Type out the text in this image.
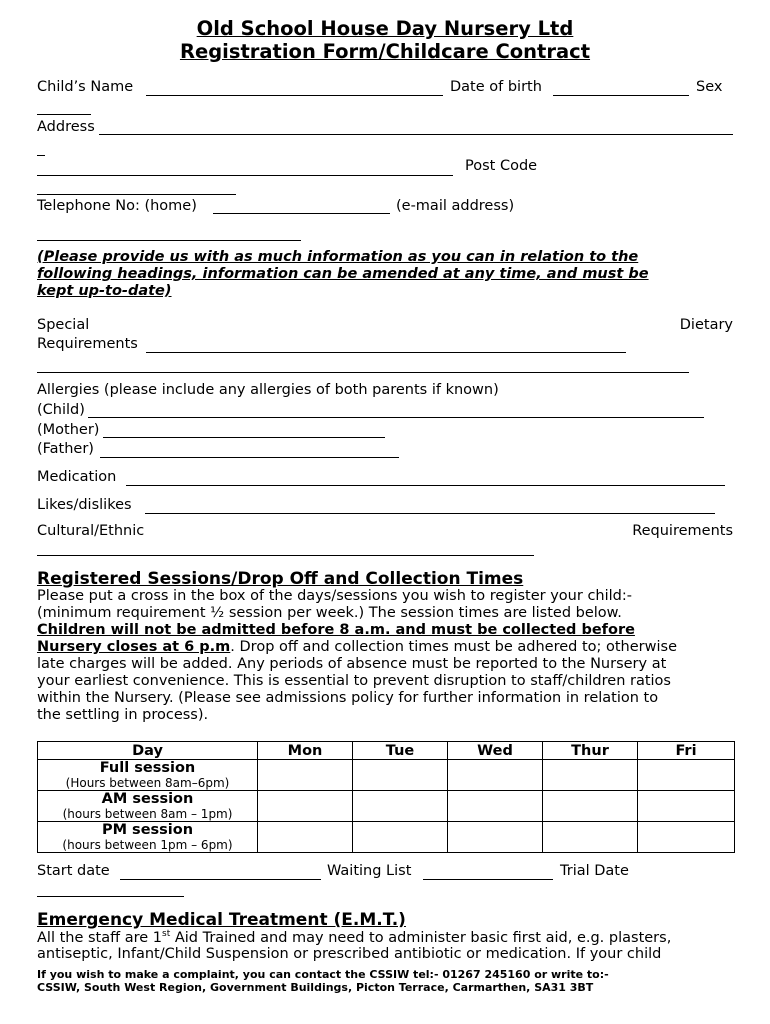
Old School House Day Nursery Ltd
Registration Form/Childcare Contract
Child’s Name	Date of birth	Sex
Address
Post Code
Telephone No: (home)	(e-mail address)
(Please provide us with as much information as you can in relation to the
following headings, information can be amended at any time, and must be
kept up-to-date)
Special	Dietary
Requirements
Allergies (please include any allergies of both parents if known)
(Child)
(Mother)
(Father)
Medication
Likes/dislikes
Cultural/Ethnic	Requirements
Registered Sessions/Drop Off and Collection Times
Please put a cross in the box of the days/sessions you wish to register your child:-
(minimum requirement ½ session per week.) The session times are listed below.
Children will not be admitted before 8 a.m. and must be collected before
Nursery closes at 6 p.m. Drop off and collection times must be adhered to; otherwise
late charges will be added. Any periods of absence must be reported to the Nursery at
your earliest convenience. This is essential to prevent disruption to staff/children ratios
within the Nursery. (Please see admissions policy for further information in relation to
the settling in process).
Day	Mon	Tue	Wed	Thur	Fri

Full session
(Hours between 8am–6pm)					

AM session
(hours between 8am – 1pm)					

PM session
(hours between 1pm – 6pm)					

Start date	Waiting List	Trial Date
Emergency Medical Treatment (E.M.T.)
All the staff are 1st Aid Trained and may need to administer basic first aid, e.g. plasters,
antiseptic, Infant/Child Suspension or prescribed antibiotic or medication. If your child
If you wish to make a complaint, you can contact the CSSIW tel:- 01267 245160 or write to:-
CSSIW, South West Region, Government Buildings, Picton Terrace, Carmarthen, SA31 3BT
